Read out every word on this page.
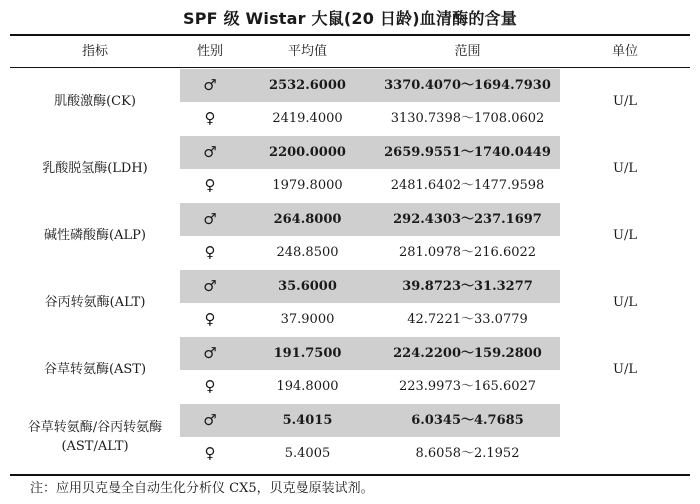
SPF 级 Wistar 大鼠(20 日龄)血清酶的含量
指标	性别	平均值	范围	单位
肌酸激酶(CK)
♂	2532.6000	3370.4070～1694.7930
♀	2419.4000	3130.7398～1708.0602
U/L
乳酸脱氢酶(LDH)
♂	2200.0000	2659.9551～1740.0449
♀	1979.8000	2481.6402～1477.9598
U/L
碱性磷酸酶(ALP)
♂	264.8000	292.4303～237.1697
♀	248.8500	281.0978～216.6022
U/L
谷丙转氨酶(ALT)
♂	35.6000	39.8723～31.3277
♀	37.9000	42.7221～33.0779
U/L
谷草转氨酶(AST)
♂	191.7500	224.2200～159.2800
♀	194.8000	223.9973～165.6027
U/L
谷草转氨酶/谷丙转氨酶(AST/ALT)
♂	5.4015	6.0345～4.7685
♀	5.4005	8.6058～2.1952
注：应用贝克曼全自动生化分析仪 CX5，贝克曼原装试剂。
